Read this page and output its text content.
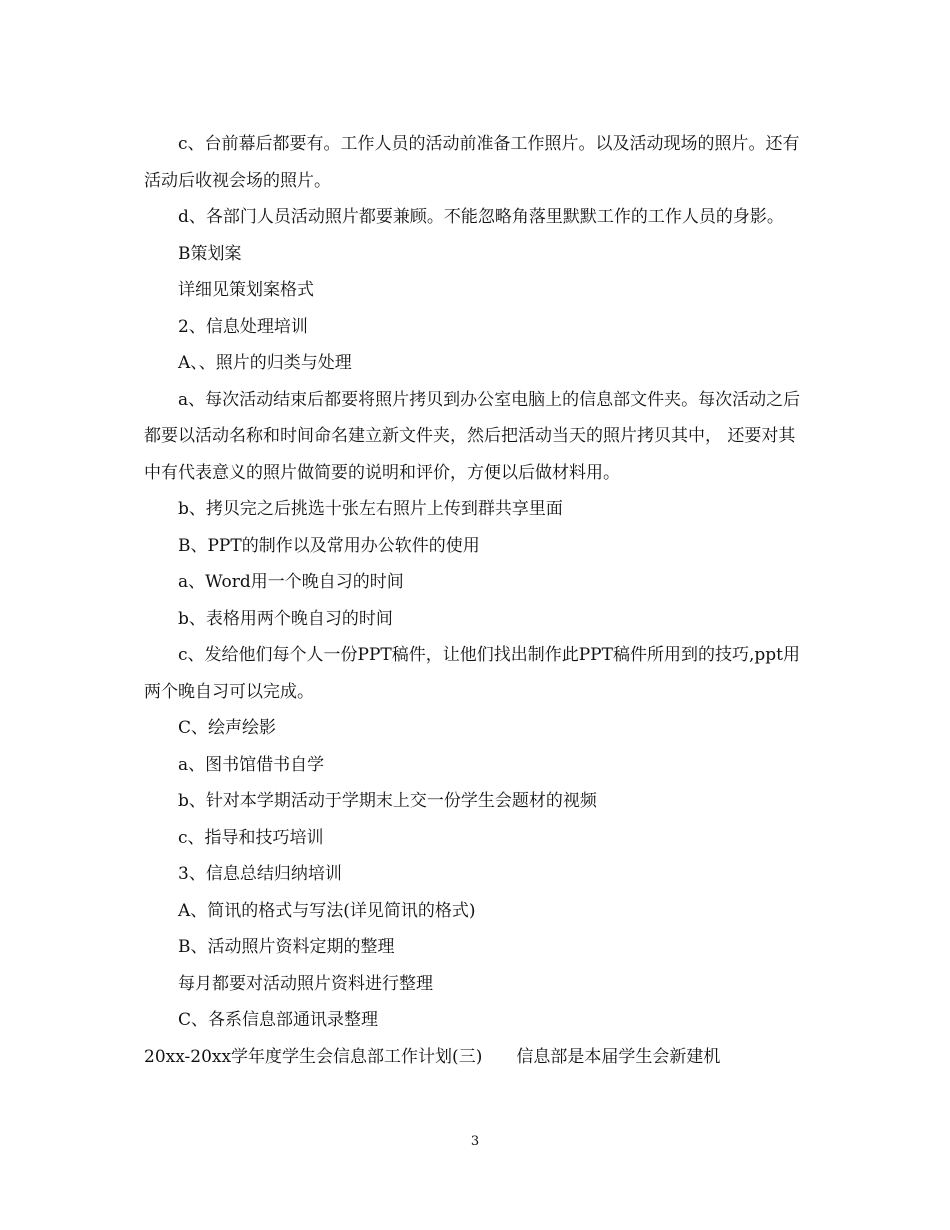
c、台前幕后都要有。工作人员的活动前准备工作照片。以及活动现场的照片。还有活动后收视会场的照片。

d、各部门人员活动照片都要兼顾。不能忽略角落里默默工作的工作人员的身影。

B策划案

详细见策划案格式

2、信息处理培训

A、、照片的归类与处理

a、每次活动结束后都要将照片拷贝到办公室电脑上的信息部文件夹。每次活动之后都要以活动名称和时间命名建立新文件夹，然后把活动当天的照片拷贝其中， 还要对其中有代表意义的照片做简要的说明和评价，方便以后做材料用。

b、拷贝完之后挑选十张左右照片上传到群共享里面

B、PPT的制作以及常用办公软件的使用

a、Word用一个晚自习的时间

b、表格用两个晚自习的时间

c、发给他们每个人一份PPT稿件，让他们找出制作此PPT稿件所用到的技巧,ppt用两个晚自习可以完成。

C、绘声绘影

a、图书馆借书自学

b、针对本学期活动于学期末上交一份学生会题材的视频

c、指导和技巧培训

3、信息总结归纳培训

A、简讯的格式与写法(详见简讯的格式)

B、活动照片资料定期的整理

每月都要对活动照片资料进行整理

C、各系信息部通讯录整理

20xx-20xx学年度学生会信息部工作计划(三)　　信息部是本届学生会新建机

3
